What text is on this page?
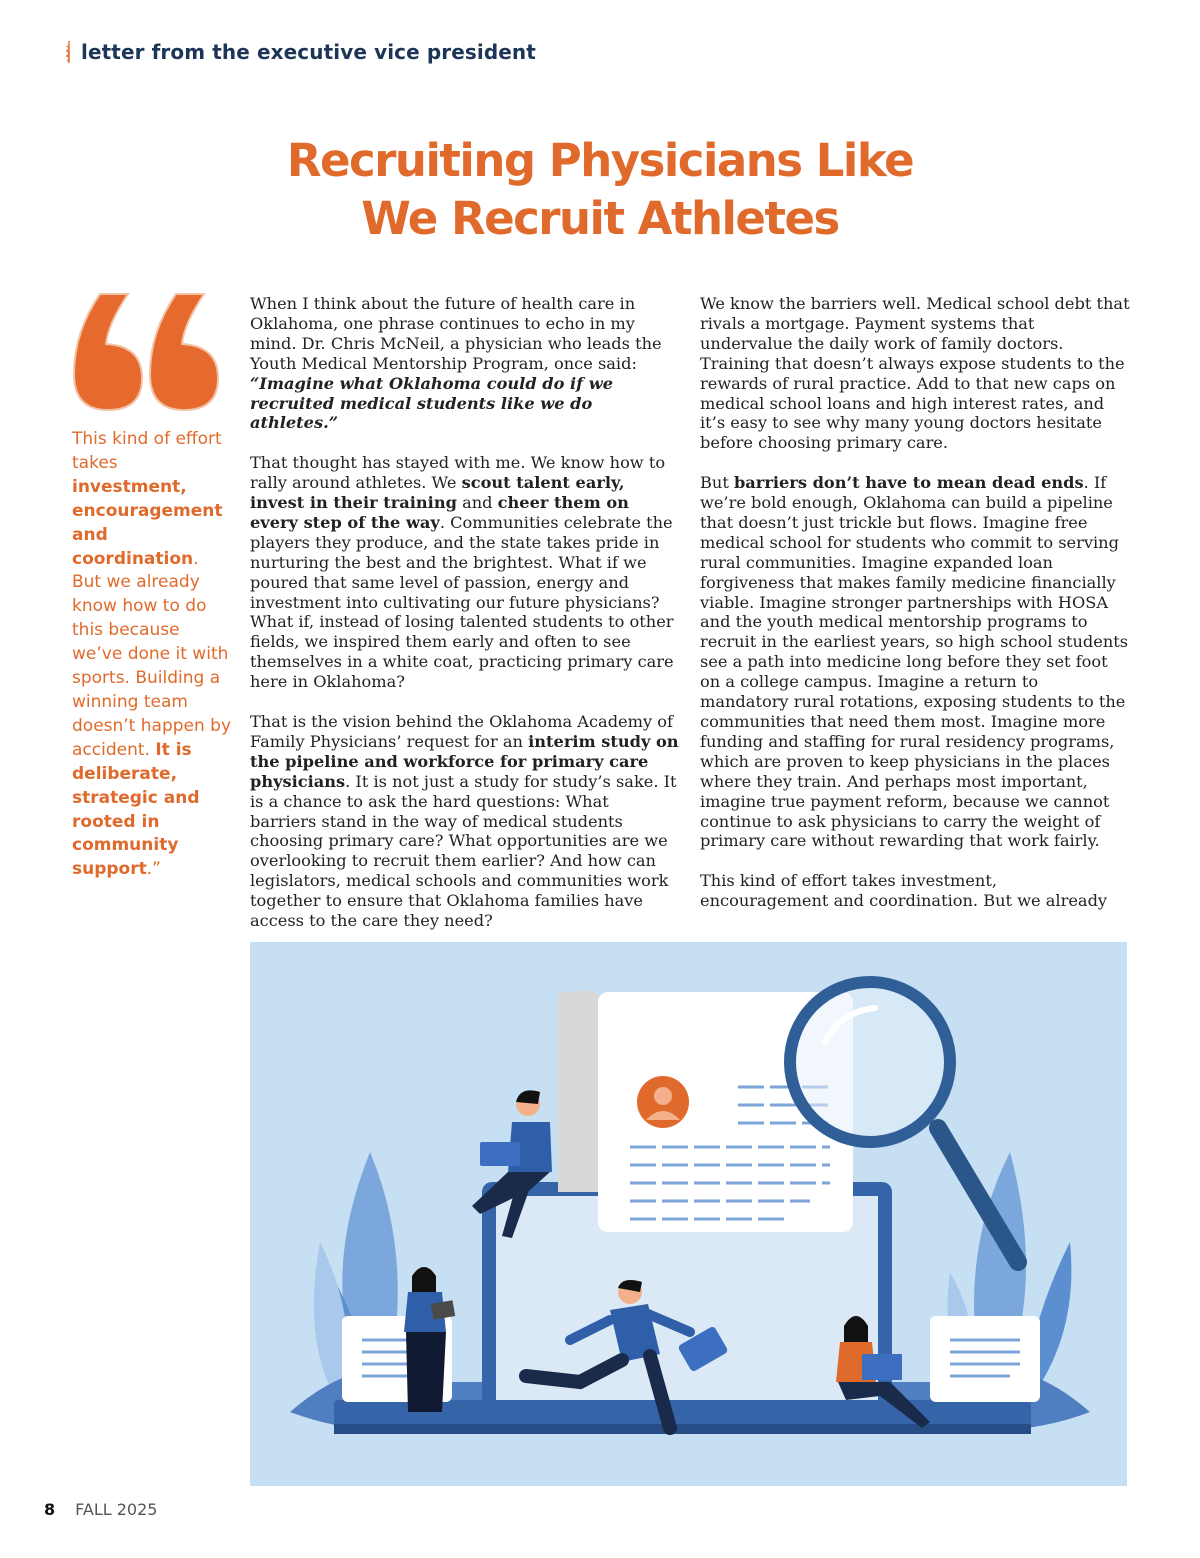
letter from the executive vice president
Recruiting Physicians Like
We Recruit Athletes
This kind of effort takes investment, encouragement and coordination. But we already know how to do this because we’ve done it with sports. Building a winning team doesn’t happen by accident. It is deliberate, strategic and rooted in community support.”

When I think about the future of health care in Oklahoma, one phrase continues to echo in my mind. Dr. Chris McNeil, a physician who leads the Youth Medical Mentorship Program, once said: “Imagine what Oklahoma could do if we recruited medical students like we do athletes.”

That thought has stayed with me. We know how to rally around athletes. We scout talent early, invest in their training and cheer them on every step of the way. Communities celebrate the players they produce, and the state takes pride in nurturing the best and the brightest. What if we poured that same level of passion, energy and investment into cultivating our future physicians? What if, instead of losing talented students to other fields, we inspired them early and often to see themselves in a white coat, practicing primary care here in Oklahoma?

That is the vision behind the Oklahoma Academy of Family Physicians’ request for an interim study on the pipeline and workforce for primary care physicians. It is not just a study for study’s sake. It is a chance to ask the hard questions: What barriers stand in the way of medical students choosing primary care? What opportunities are we overlooking to recruit them earlier? And how can legislators, medical schools and communities work together to ensure that Oklahoma families have access to the care they need?

We know the barriers well. Medical school debt that rivals a mortgage. Payment systems that undervalue the daily work of family doctors. Training that doesn’t always expose students to the rewards of rural practice. Add to that new caps on medical school loans and high interest rates, and it’s easy to see why many young doctors hesitate before choosing primary care.

But barriers don’t have to mean dead ends. If we’re bold enough, Oklahoma can build a pipeline that doesn’t just trickle but flows. Imagine free medical school for students who commit to serving rural communities. Imagine expanded loan forgiveness that makes family medicine financially viable. Imagine stronger partnerships with HOSA and the youth medical mentorship programs to recruit in the earliest years, so high school students see a path into medicine long before they set foot on a college campus. Imagine a return to mandatory rural rotations, exposing students to the communities that need them most. Imagine more funding and staffing for rural residency programs, which are proven to keep physicians in the places where they train. And perhaps most important, imagine true payment reform, because we cannot continue to ask physicians to carry the weight of primary care without rewarding that work fairly.

This kind of effort takes investment, encouragement and coordination. But we already

8 FALL 2025
